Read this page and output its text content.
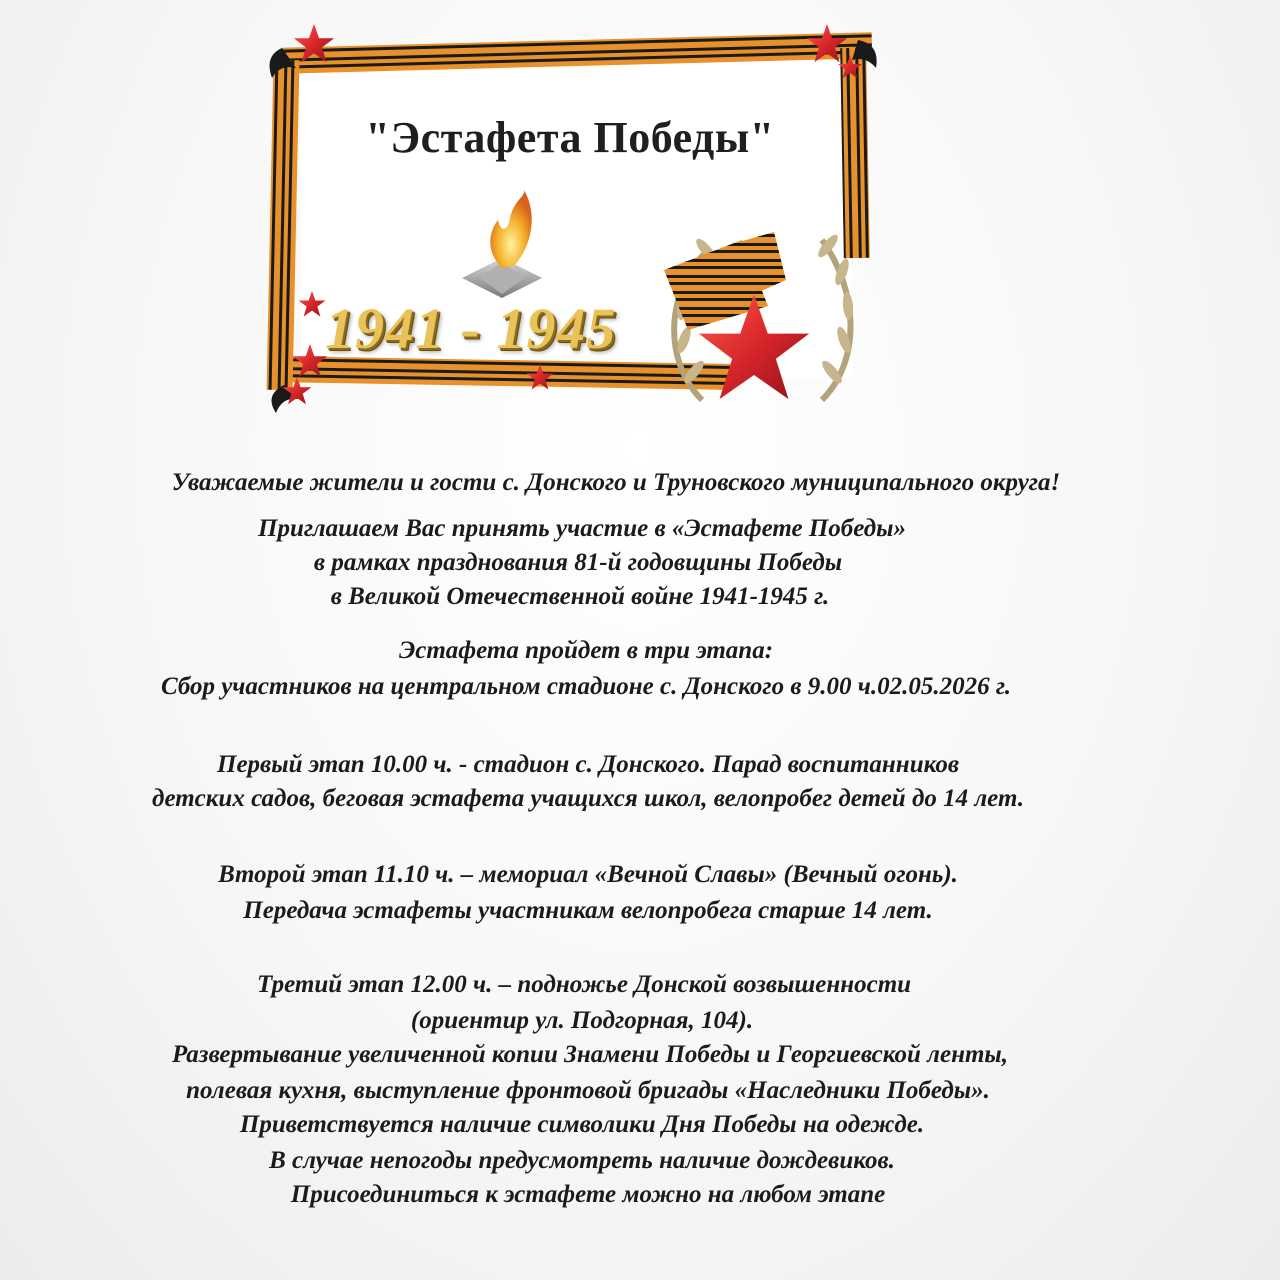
"Эстафета Победы"
1941 - 1945
Уважаемые жители и гости с. Донского и Труновского муниципального округа!
Приглашаем Вас принять участие в «Эстафете Победы»
в рамках празднования 81-й годовщины Победы
в Великой Отечественной войне 1941-1945 г.
Эстафета пройдет в три этапа:
Сбор участников на центральном стадионе с. Донского в 9.00 ч.02.05.2026 г.
Первый этап 10.00 ч. - стадион с. Донского. Парад воспитанников
детских садов, беговая эстафета учащихся школ, велопробег детей до 14 лет.
Второй этап 11.10 ч. – мемориал «Вечной Славы» (Вечный огонь).
Передача эстафеты участникам велопробега старше 14 лет.
Третий этап 12.00 ч. – подножье Донской возвышенности
(ориентир ул. Подгорная, 104).
Развертывание увеличенной копии Знамени Победы и Георгиевской ленты,
полевая кухня, выступление фронтовой бригады «Наследники Победы».
Приветствуется наличие символики Дня Победы на одежде.
В случае непогоды предусмотреть наличие дождевиков.
Присоединиться к эстафете можно на любом этапе
